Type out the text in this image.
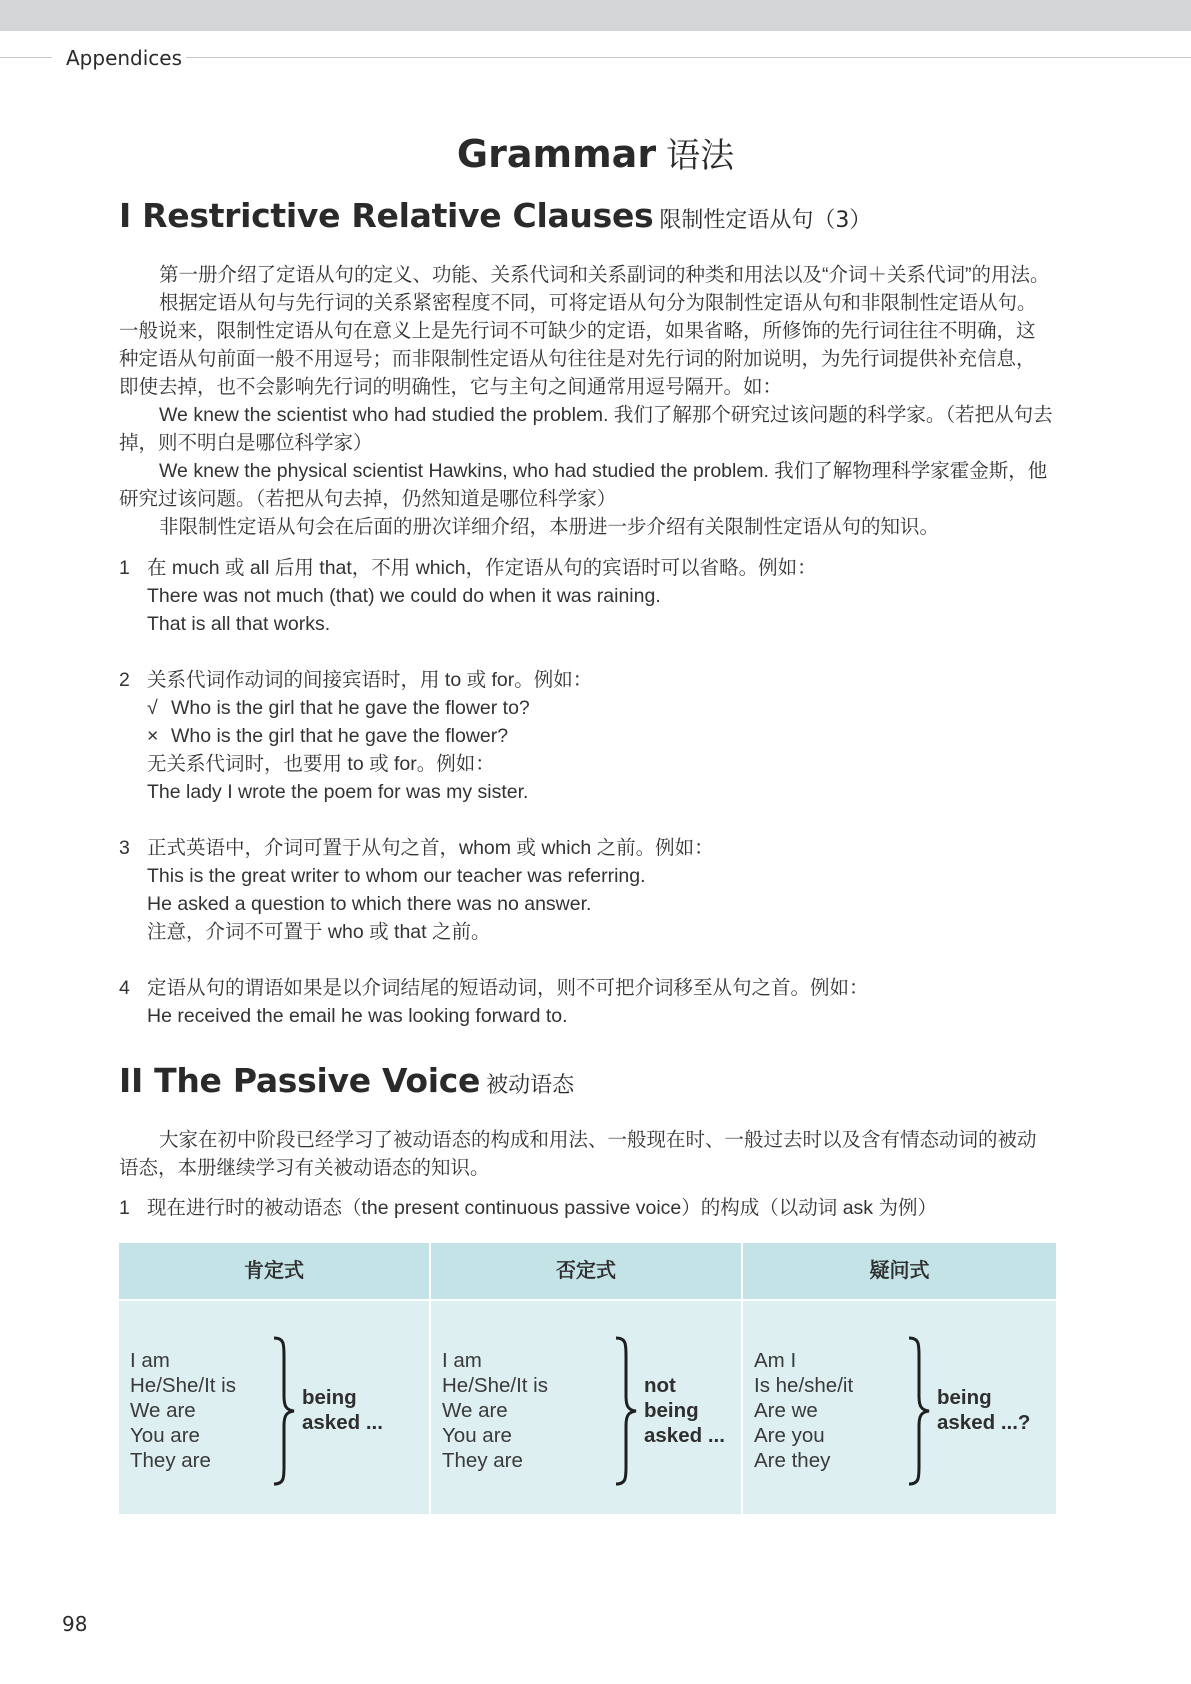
Appendices
Grammar 语法
I Restrictive Relative Clauses 限制性定语从句（3）

第一册介绍了定语从句的定义、功能、关系代词和关系副词的种类和用法以及“介词＋关系代词”的用法。

根据定语从句与先行词的关系紧密程度不同，可将定语从句分为限制性定语从句和非限制性定语从句。一般说来，限制性定语从句在意义上是先行词不可缺少的定语，如果省略，所修饰的先行词往往不明确，这种定语从句前面一般不用逗号；而非限制性定语从句往往是对先行词的附加说明，为先行词提供补充信息，即使去掉，也不会影响先行词的明确性，它与主句之间通常用逗号隔开。如：

We knew the scientist who had studied the problem. 我们了解那个研究过该问题的科学家。（若把从句去掉，则不明白是哪位科学家）

We knew the physical scientist Hawkins, who had studied the problem. 我们了解物理科学家霍金斯，他研究过该问题。（若把从句去掉，仍然知道是哪位科学家）

非限制性定语从句会在后面的册次详细介绍，本册进一步介绍有关限制性定语从句的知识。

1 在 much 或 all 后用 that，不用 which，作定语从句的宾语时可以省略。例如：
There was not much (that) we could do when it was raining.
That is all that works.
2 关系代词作动词的间接宾语时，用 to 或 for。例如：
√ Who is the girl that he gave the flower to?
× Who is the girl that he gave the flower?
无关系代词时，也要用 to 或 for。例如：
The lady I wrote the poem for was my sister.
3 正式英语中，介词可置于从句之首，whom 或 which 之前。例如：
This is the great writer to whom our teacher was referring.
He asked a question to which there was no answer.
注意，介词不可置于 who 或 that 之前。
4 定语从句的谓语如果是以介词结尾的短语动词，则不可把介词移至从句之首。例如：
He received the email he was looking forward to.
II The Passive Voice 被动语态

大家在初中阶段已经学习了被动语态的构成和用法、一般现在时、一般过去时以及含有情态动词的被动语态，本册继续学习有关被动语态的知识。

1 现在进行时的被动语态（the present continuous passive voice）的构成（以动词 ask 为例）
肯定式
I am
He/She/It is
We are
You are
They are
being
asked ...
否定式
I am
He/She/It is
We are
You are
They are
not
being
asked ...
疑问式
Am I
Is he/she/it
Are we
Are you
Are they
being
asked ...?
98
